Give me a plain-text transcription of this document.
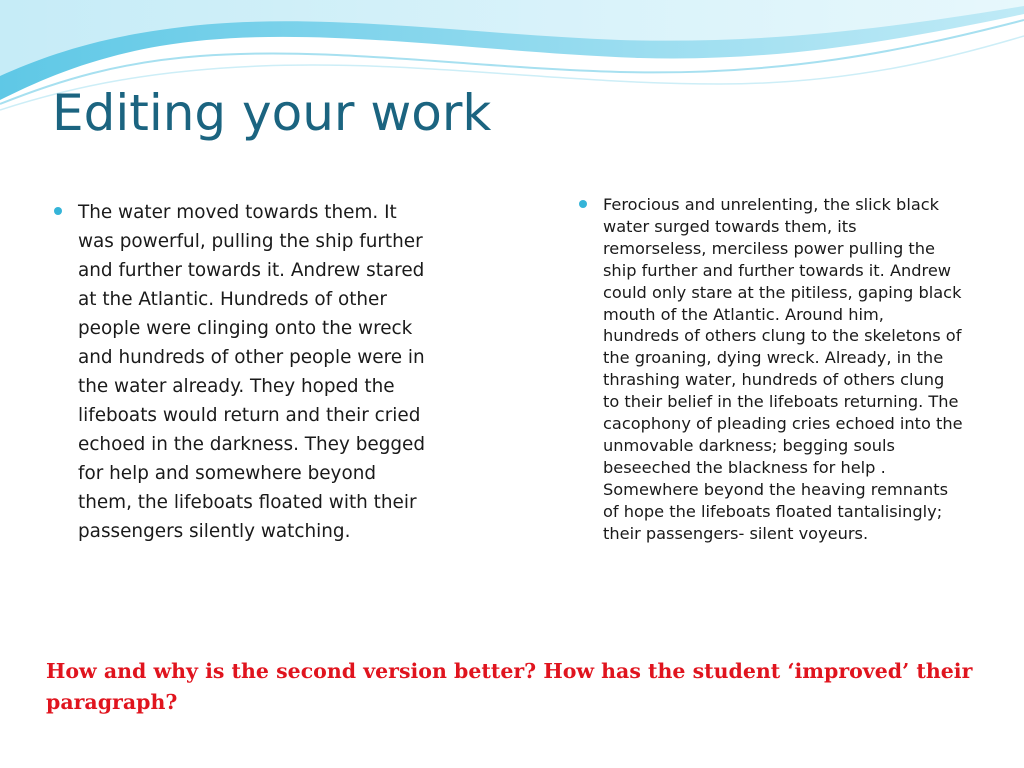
Editing your work
The water moved towards them. It was powerful, pulling the ship further and further towards it. Andrew stared at the Atlantic. Hundreds of other people were clinging onto the wreck and hundreds of other people were in the water already. They hoped the lifeboats would return and their cried echoed in the darkness. They begged for help and somewhere beyond them, the lifeboats floated with their passengers silently watching.
Ferocious and unrelenting, the slick black water surged towards them, its remorseless, merciless power pulling the ship further and further towards it. Andrew could only stare at the pitiless, gaping black mouth of the Atlantic. Around him, hundreds of others clung to the skeletons of the groaning, dying wreck. Already, in the thrashing water, hundreds of others clung to their belief in the lifeboats returning. The cacophony of pleading cries echoed into the unmovable darkness; begging souls beseeched the blackness for help . Somewhere beyond the heaving remnants of hope the lifeboats floated tantalisingly; their passengers- silent voyeurs.

How and why is the second version better? How has the student ‘improved’ their paragraph?
